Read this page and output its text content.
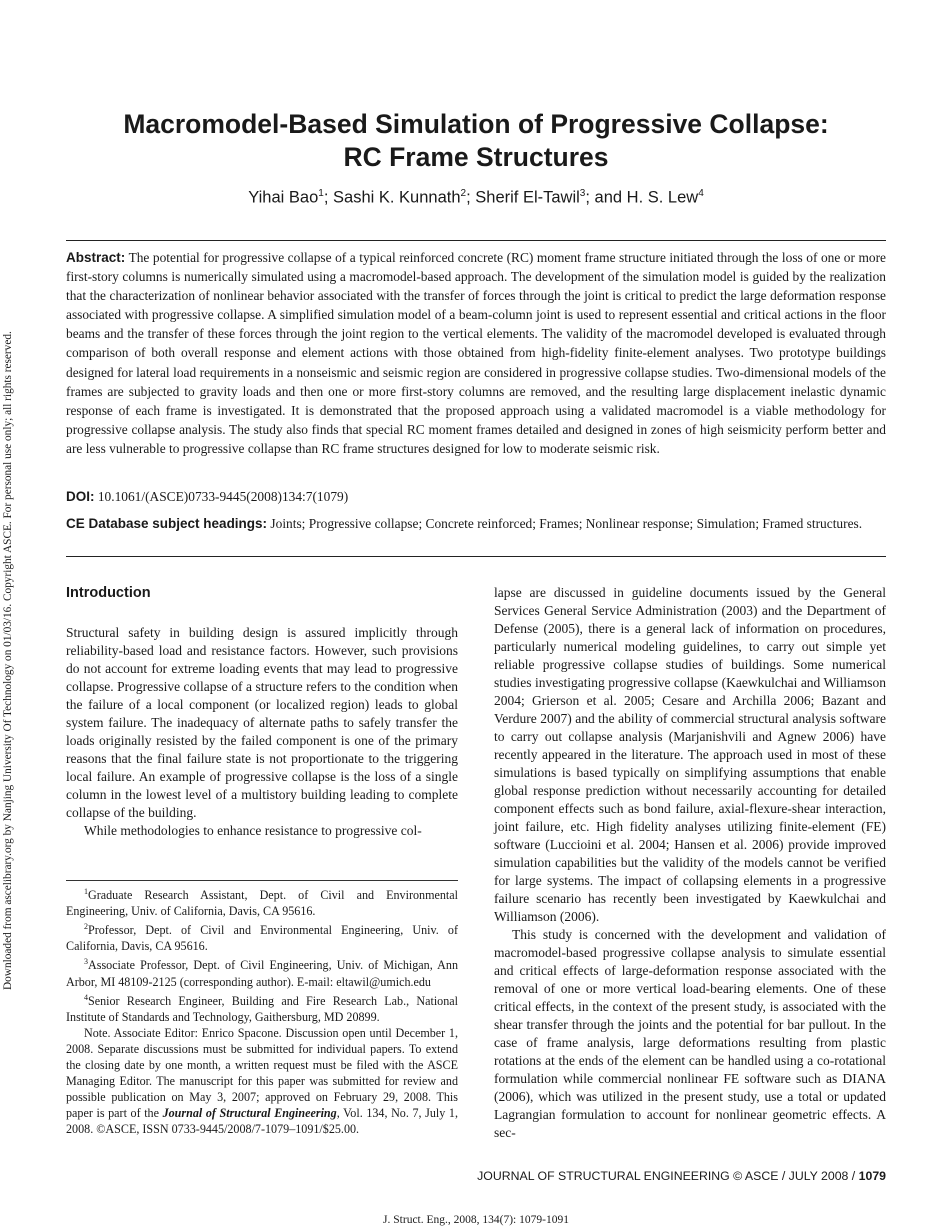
Downloaded from ascelibrary.org by Nanjing University Of Technology on 01/03/16. Copyright ASCE. For personal use only; all rights reserved.
Macromodel-Based Simulation of Progressive Collapse:
RC Frame Structures
Yihai Bao$^1$; Sashi K. Kunnath$^2$; Sherif El-Tawil$^3$; and H. S. Lew$^4$

Abstract: The potential for progressive collapse of a typical reinforced concrete (RC) moment frame structure initiated through the loss of one or more first-story columns is numerically simulated using a macromodel-based approach. The development of the simulation model is guided by the realization that the characterization of nonlinear behavior associated with the transfer of forces through the joint is critical to predict the large deformation response associated with progressive collapse. A simplified simulation model of a beam-column joint is used to represent essential and critical actions in the floor beams and the transfer of these forces through the joint region to the vertical elements. The validity of the macromodel developed is evaluated through comparison of both overall response and element actions with those obtained from high-fidelity finite-element analyses. Two prototype buildings designed for lateral load requirements in a nonseismic and seismic region are considered in progressive collapse studies. Two-dimensional models of the frames are subjected to gravity loads and then one or more first-story columns are removed, and the resulting large displacement inelastic dynamic response of each frame is investigated. It is demonstrated that the proposed approach using a validated macromodel is a viable methodology for progressive collapse analysis. The study also finds that special RC moment frames detailed and designed in zones of high seismicity perform better and are less vulnerable to progressive collapse than RC frame structures designed for low to moderate seismic risk.

DOI: 10.1061/(ASCE)0733-9445(2008)134:7(1079)

CE Database subject headings: Joints; Progressive collapse; Concrete reinforced; Frames; Nonlinear response; Simulation; Framed structures.

Introduction

Structural safety in building design is assured implicitly through reliability-based load and resistance factors. However, such provisions do not account for extreme loading events that may lead to progressive collapse. Progressive collapse of a structure refers to the condition when the failure of a local component (or localized region) leads to global system failure. The inadequacy of alternate paths to safely transfer the loads originally resisted by the failed component is one of the primary reasons that the final failure state is not proportionate to the triggering local failure. An example of progressive collapse is the loss of a single column in the lowest level of a multistory building leading to complete collapse of the building.

While methodologies to enhance resistance to progressive col-

$^1$Graduate Research Assistant, Dept. of Civil and Environmental Engineering, Univ. of California, Davis, CA 95616.

$^2$Professor, Dept. of Civil and Environmental Engineering, Univ. of California, Davis, CA 95616.

$^3$Associate Professor, Dept. of Civil Engineering, Univ. of Michigan, Ann Arbor, MI 48109-2125 (corresponding author). E-mail: eltawil@umich.edu

$^4$Senior Research Engineer, Building and Fire Research Lab., National Institute of Standards and Technology, Gaithersburg, MD 20899.

Note. Associate Editor: Enrico Spacone. Discussion open until December 1, 2008. Separate discussions must be submitted for individual papers. To extend the closing date by one month, a written request must be filed with the ASCE Managing Editor. The manuscript for this paper was submitted for review and possible publication on May 3, 2007; approved on February 29, 2008. This paper is part of the Journal of Structural Engineering, Vol. 134, No. 7, July 1, 2008. ©ASCE, ISSN 0733-9445/2008/7-1079–1091/$25.00.

lapse are discussed in guideline documents issued by the General Services General Service Administration (2003) and the Department of Defense (2005), there is a general lack of information on procedures, particularly numerical modeling guidelines, to carry out simple yet reliable progressive collapse studies of buildings. Some numerical studies investigating progressive collapse (Kaewkulchai and Williamson 2004; Grierson et al. 2005; Cesare and Archilla 2006; Bazant and Verdure 2007) and the ability of commercial structural analysis software to carry out collapse analysis (Marjanishvili and Agnew 2006) have recently appeared in the literature. The approach used in most of these simulations is based typically on simplifying assumptions that enable global response prediction without necessarily accounting for detailed component effects such as bond failure, axial-flexure-shear interaction, joint failure, etc. High fidelity analyses utilizing finite-element (FE) software (Luccioini et al. 2004; Hansen et al. 2006) provide improved simulation capabilities but the validity of the models cannot be verified for large systems. The impact of collapsing elements in a progressive failure scenario has recently been investigated by Kaewkulchai and Williamson (2006).

This study is concerned with the development and validation of macromodel-based progressive collapse analysis to simulate essential and critical effects of large-deformation response associated with the removal of one or more vertical load-bearing elements. One of these critical effects, in the context of the present study, is associated with the shear transfer through the joints and the potential for bar pullout. In the case of frame analysis, large deformations resulting from plastic rotations at the ends of the element can be handled using a co-rotational formulation while commercial nonlinear FE software such as DIANA (2006), which was utilized in the present study, use a total or updated Lagrangian formulation to account for nonlinear geometric effects. A sec-

JOURNAL OF STRUCTURAL ENGINEERING © ASCE / JULY 2008 / 1079
J. Struct. Eng., 2008, 134(7): 1079-1091
